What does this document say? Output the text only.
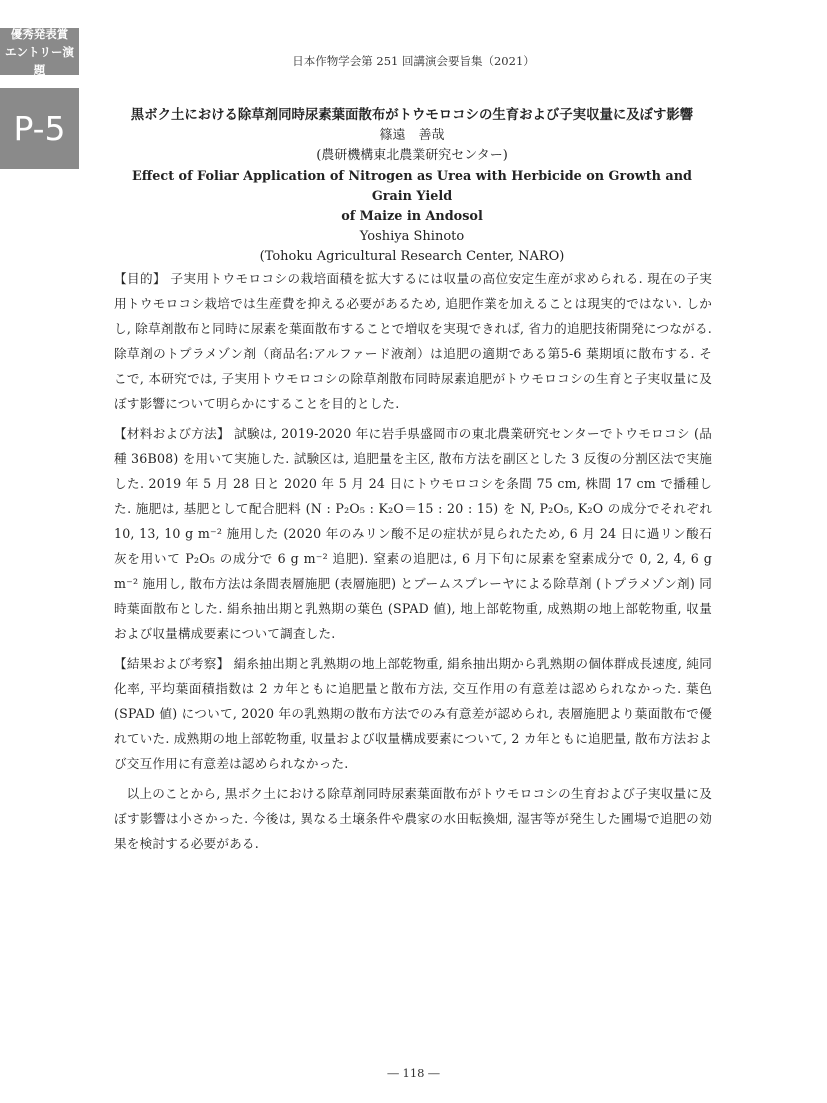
優秀発表賞
エントリー演題
P-5
日本作物学会第 251 回講演会要旨集（2021）
黒ボク土における除草剤同時尿素葉面散布がトウモロコシの生育および子実収量に及ぼす影響
篠遠　善哉
(農研機構東北農業研究センター)
Effect of Foliar Application of Nitrogen as Urea with Herbicide on Growth and Grain Yield
of Maize in Andosol
Yoshiya Shinoto
(Tohoku Agricultural Research Center, NARO)

【目的】 子実用トウモロコシの栽培面積を拡大するには収量の高位安定生産が求められる. 現在の子実用トウモロコシ栽培では生産費を抑える必要があるため, 追肥作業を加えることは現実的ではない. しかし, 除草剤散布と同時に尿素を葉面散布することで増収を実現できれば, 省力的追肥技術開発につながる. 除草剤のトプラメゾン剤（商品名:アルファード液剤）は追肥の適期である第5-6 葉期頃に散布する. そこで, 本研究では, 子実用トウモロコシの除草剤散布同時尿素追肥がトウモロコシの生育と子実収量に及ぼす影響について明らかにすることを目的とした.

【材料および方法】 試験は, 2019-2020 年に岩手県盛岡市の東北農業研究センターでトウモロコシ (品種 36B08) を用いて実施した. 試験区は, 追肥量を主区, 散布方法を副区とした 3 反復の分割区法で実施した. 2019 年 5 月 28 日と 2020 年 5 月 24 日にトウモロコシを条間 75 cm, 株間 17 cm で播種した. 施肥は, 基肥として配合肥料 (N : P₂O₅ : K₂O＝15 : 20 : 15) を N, P₂O₅, K₂O の成分でそれぞれ 10, 13, 10 g m⁻² 施用した (2020 年のみリン酸不足の症状が見られたため, 6 月 24 日に過リン酸石灰を用いて P₂O₅ の成分で 6 g m⁻² 追肥). 窒素の追肥は, 6 月下旬に尿素を窒素成分で 0, 2, 4, 6 g m⁻² 施用し, 散布方法は条間表層施肥 (表層施肥) とブームスプレーヤによる除草剤 (トプラメゾン剤) 同時葉面散布とした. 絹糸抽出期と乳熟期の葉色 (SPAD 値), 地上部乾物重, 成熟期の地上部乾物重, 収量および収量構成要素について調査した.

【結果および考察】 絹糸抽出期と乳熟期の地上部乾物重, 絹糸抽出期から乳熟期の個体群成長速度, 純同化率, 平均葉面積指数は 2 カ年ともに追肥量と散布方法, 交互作用の有意差は認められなかった. 葉色 (SPAD 値) について, 2020 年の乳熟期の散布方法でのみ有意差が認められ, 表層施肥より葉面散布で優れていた. 成熟期の地上部乾物重, 収量および収量構成要素について, 2 カ年ともに追肥量, 散布方法および交互作用に有意差は認められなかった.

以上のことから, 黒ボク土における除草剤同時尿素葉面散布がトウモロコシの生育および子実収量に及ぼす影響は小さかった. 今後は, 異なる土壌条件や農家の水田転換畑, 湿害等が発生した圃場で追肥の効果を検討する必要がある.

― 118 ―
